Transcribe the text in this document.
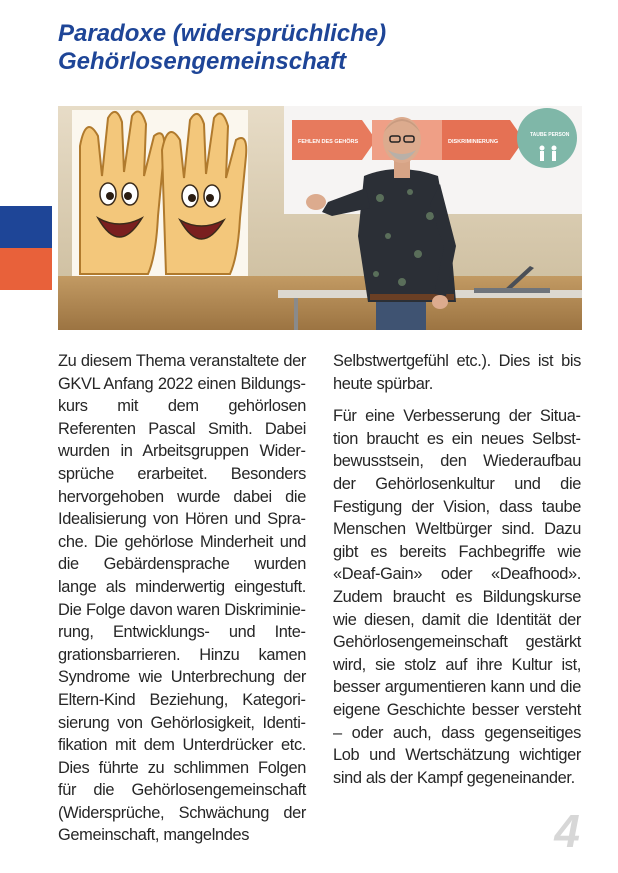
Paradoxe (widersprüchliche)
Gehörlosengemeinschaft
FEHLEN DES GEHÖRS	DISKRIMINIERUNG
TAUBE PERSON

Zu diesem Thema veranstaltete der GKVL Anfang 2022 einen Bildungskurs mit dem gehörlosen Referenten Pascal Smith. Dabei wurden in Arbeitsgruppen Widersprüche erarbeitet. Besonders hervorgehoben wurde dabei die Idealisierung von Hören und Sprache. Die gehörlose Minderheit und die Gebärdensprache wurden lange als minderwertig eingestuft. Die Folge davon waren Diskriminierung, Entwicklungs- und Integrationsbarrieren. Hinzu kamen Syndrome wie Unterbrechung der Eltern-Kind Beziehung, Kategorisierung von Gehörlosigkeit, Identifikation mit dem Unterdrücker etc. Dies führte zu schlimmen Folgen für die Gehörlosengemeinschaft (Widersprüche, Schwächung der Gemeinschaft, mangelndes

Selbstwertgefühl etc.). Dies ist bis heute spürbar.

Für eine Verbesserung der Situation braucht es ein neues Selbstbewusstsein, den Wiederaufbau der Gehörlosenkultur und die Festigung der Vision, dass taube Menschen Weltbürger sind. Dazu gibt es bereits Fachbegriffe wie «Deaf-Gain» oder «Deafhood». Zudem braucht es Bildungskurse wie diesen, damit die Identität der Gehörlosengemeinschaft gestärkt wird, sie stolz auf ihre Kultur ist, besser argumentieren kann und die eigene Geschichte besser versteht – oder auch, dass gegenseitiges Lob und Wertschätzung wichtiger sind als der Kampf gegeneinander.

4
